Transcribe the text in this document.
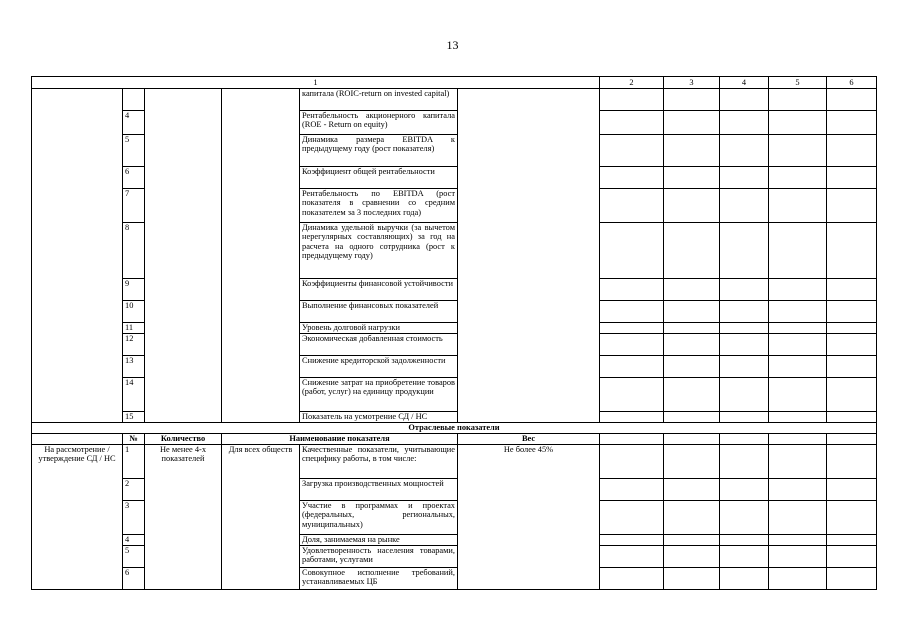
13
1						2	3	4	5	6
				капитала (ROIC-return on invested capital)						
	4			Рентабельность акционерного капитала (ROE - Return on equity)						
	5			Динамика размера EBITDA к предыдущему году (рост показателя)						
	6			Коэффициент общей рентабельности						
	7			Рентабельность по EBITDA (рост показателя в сравнении со средним показателем за 3 последних года)						
	8			Динамика удельной выручки (за вычетом нерегулярных составляющих) за год на расчета на одного сотрудника (рост к предыдущему году)						
	9			Коэффициенты финансовой устойчивости						
	10			Выполнение финансовых показателей						
	11			Уровень долговой нагрузки						
	12			Экономическая добавленная стоимость						
	13			Снижение кредиторской задолженности						
	14			Снижение затрат на приобретение товаров (работ, услуг) на единицу продукции						
	15			Показатель на усмотрение СД / НС						
Отраслевые показатели										
	№	Количество	Наименование показателя		Вес					
На рассмотрение /утверждение СД / НС	1	Не менее 4-х показателей	Для всех обществ	Качественные показатели, учитывающие специфику работы, в том числе:	Не более 45%					
	2			Загрузка производственных мощностей						
	3			Участие в программах и проектах (федеральных, региональных, муниципальных)						
	4			Доля, занимаемая на рынке						
	5			Удовлетворенность населения товарами, работами, услугами						
	6			Совокупное исполнение требований, устанавливаемых ЦБ						
